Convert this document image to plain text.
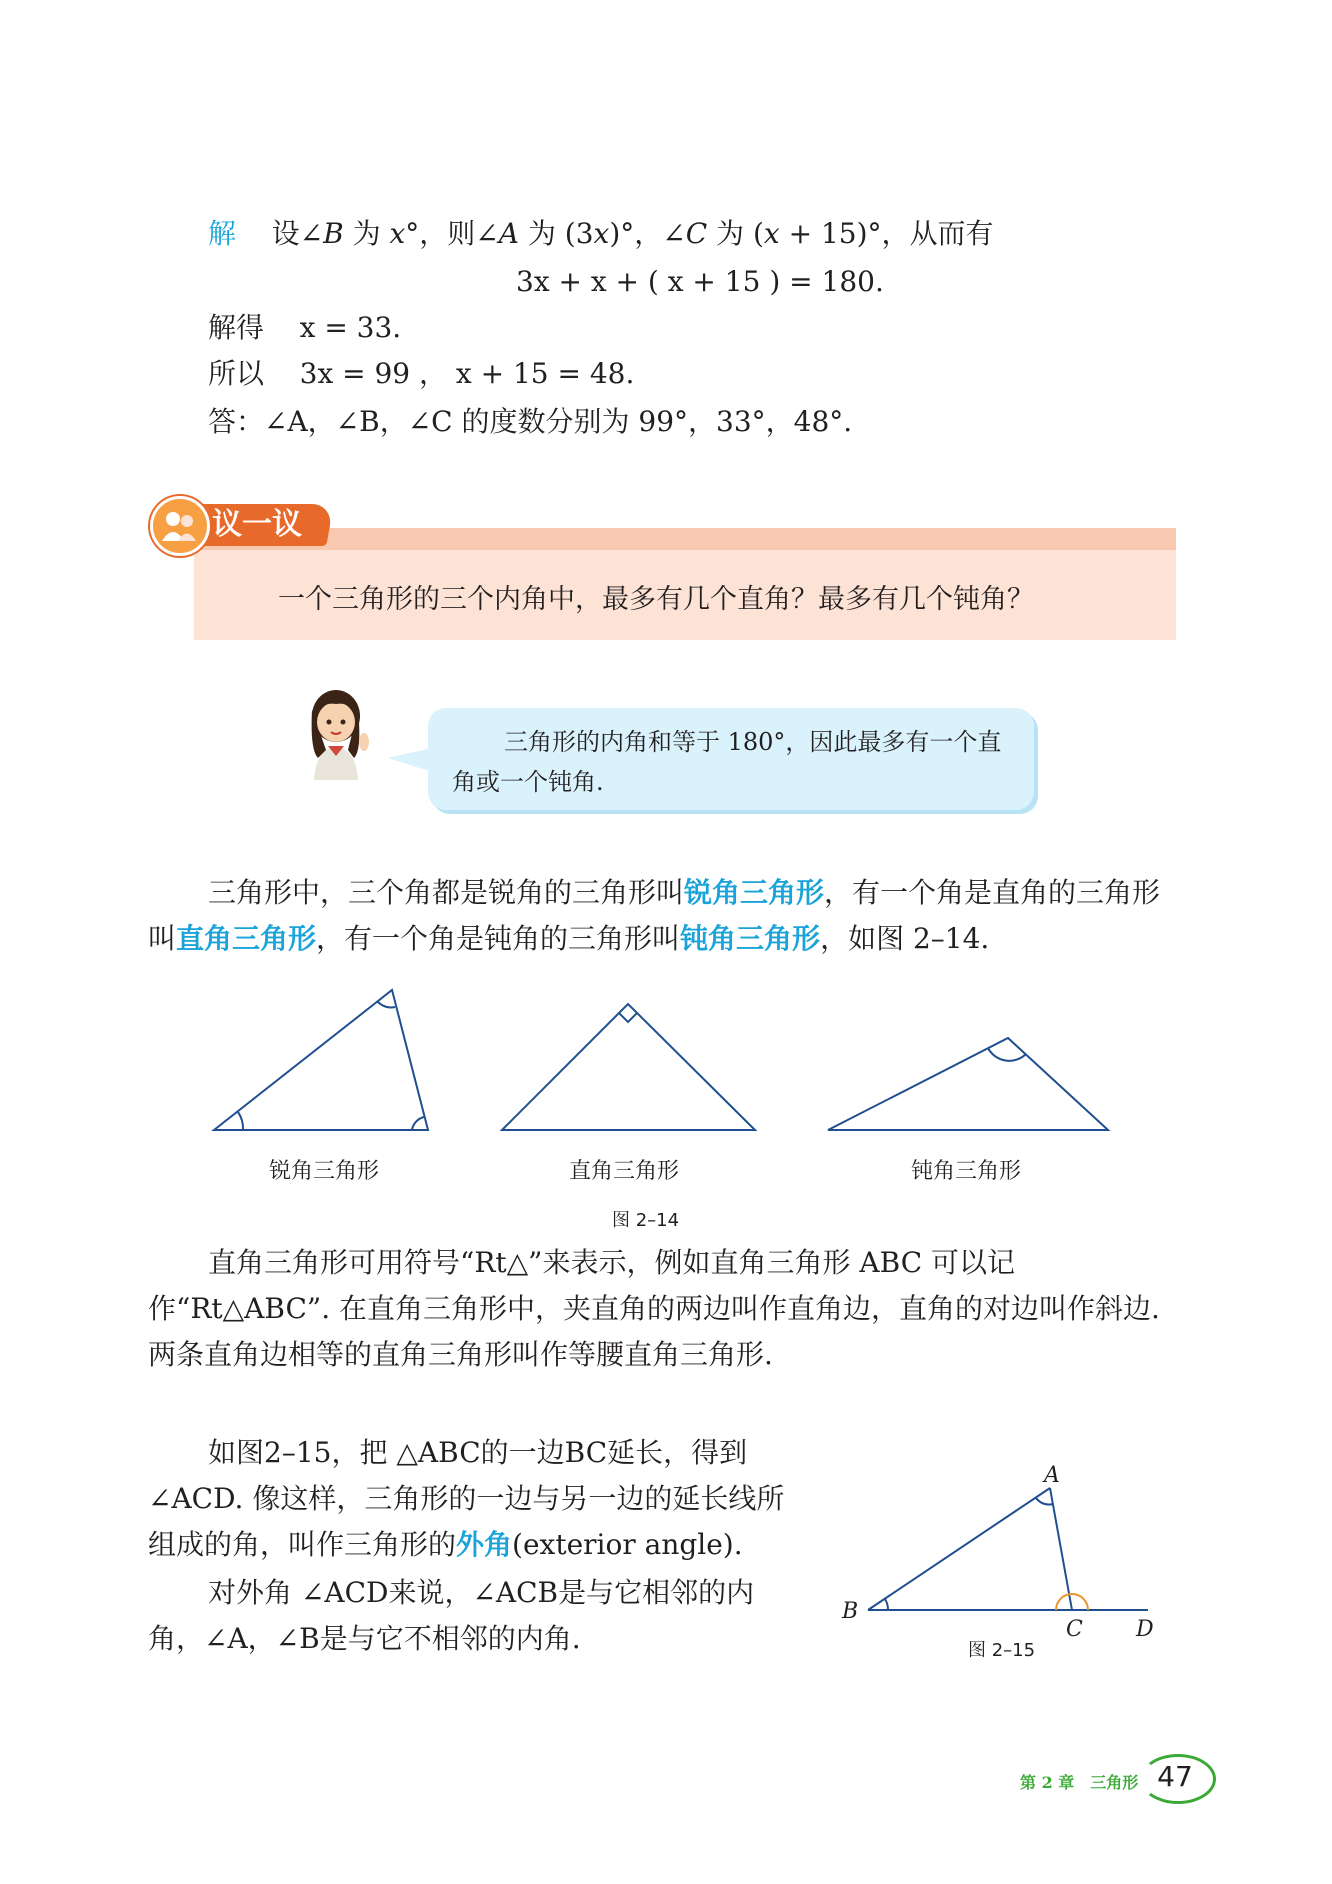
解 设∠B 为 x°，则∠A 为 (3x)°，∠C 为 (x + 15)°，从而有
3x + x + ( x + 15 ) = 180.
解得 x = 33.
所以 3x = 99 ， x + 15 = 48.
答：∠A，∠B，∠C 的度数分别为 99°，33°，48°.
议一议
一个三角形的三个内角中，最多有几个直角？最多有几个钝角？
三角形的内角和等于 180°，因此最多有一个直角或一个钝角.
三角形中，三个角都是锐角的三角形叫锐角三角形，有一个角是直角的三角形叫直角三角形，有一个角是钝角的三角形叫钝角三角形，如图 2–14.
锐角三角形	直角三角形	钝角三角形
图 2–14
直角三角形可用符号“Rt△”来表示，例如直角三角形 ABC 可以记作“Rt△ABC”. 在直角三角形中，夹直角的两边叫作直角边，直角的对边叫作斜边. 两条直角边相等的直角三角形叫作等腰直角三角形.
如图2–15，把 △ABC的一边BC延长，得到∠ACD. 像这样，三角形的一边与另一边的延长线所组成的角，叫作三角形的外角(exterior angle).
对外角 ∠ACD来说，∠ACB是与它相邻的内角，∠A，∠B是与它不相邻的内角.
A
B
C D
图 2–15
第 2 章　三角形 47
